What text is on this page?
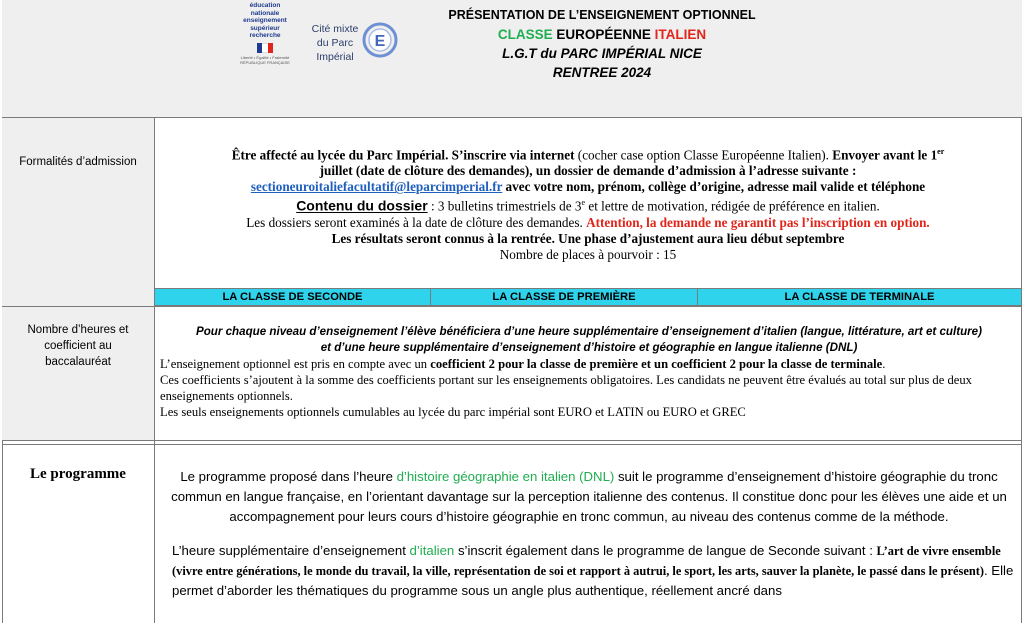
éducation
nationale
enseignement
supérieur
recherche
Liberté • Égalité • Fraternité RÉPUBLIQUE FRANÇAISE
Cité mixte
du Parc Impérial
E
PRÉSENTATION DE L’ENSEIGNEMENT OPTIONNEL
CLASSE EUROPÉENNE ITALIEN
L.G.T du PARC IMPÉRIAL NICE
RENTREE 2024
Formalités d’admission	Être affecté au lycée du Parc Impérial. S’inscrire via internet (cocher case option Classe Européenne Italien). Envoyer avant le 1er
juillet (date de clôture des demandes), un dossier de demande d’admission à l’adresse suivante :
sectioneuroitaliefacultatif@leparcimperial.fr avec votre nom, prénom, collège d’origine, adresse mail valide et téléphone
Contenu du dossier : 3 bulletins trimestriels de 3e et lettre de motivation, rédigée de préférence en italien.
Les dossiers seront examinés à la date de clôture des demandes. Attention, la demande ne garantit pas l’inscription en option.
Les résultats seront connus à la rentrée. Une phase d’ajustement aura lieu début septembre
Nombre de places à pourvoir : 15
LA CLASSE DE SECONDE	LA CLASSE DE PREMIÈRE	LA CLASSE DE TERMINALE
Nombre d’heures et coefficient au baccalauréat
Pour chaque niveau d’enseignement l’élève bénéficiera d’une heure supplémentaire d’enseignement d’italien (langue, littérature, art et culture)
et d’une heure supplémentaire d’enseignement d’histoire et géographie en langue italienne (DNL)
L’enseignement optionnel est pris en compte avec un coefficient 2 pour la classe de première et un coefficient 2 pour la classe de terminale.
Ces coefficients s’ajoutent à la somme des coefficients portant sur les enseignements obligatoires. Les candidats ne peuvent être évalués au total sur plus de deux enseignements optionnels.
Les seuls enseignements optionnels cumulables au lycée du parc impérial sont EURO et LATIN ou EURO et GREC
Le programme	Le programme proposé dans l’heure d’histoire géographie en italien (DNL) suit le programme d’enseignement d’histoire géographie du tronc commun en langue française, en l’orientant davantage sur la perception italienne des contenus. Il constitue donc pour les élèves une aide et un accompagnement pour leurs cours d’histoire géographie en tronc commun, au niveau des contenus comme de la méthode.

L’heure supplémentaire d’enseignement d’italien s’inscrit également dans le programme de langue de Seconde suivant : L’art de vivre ensemble (vivre entre générations, le monde du travail, la ville, représentation de soi et rapport à autrui, le sport, les arts, sauver la planète, le passé dans le présent). Elle permet d’aborder les thématiques du programme sous un angle plus authentique, réellement ancré dans
